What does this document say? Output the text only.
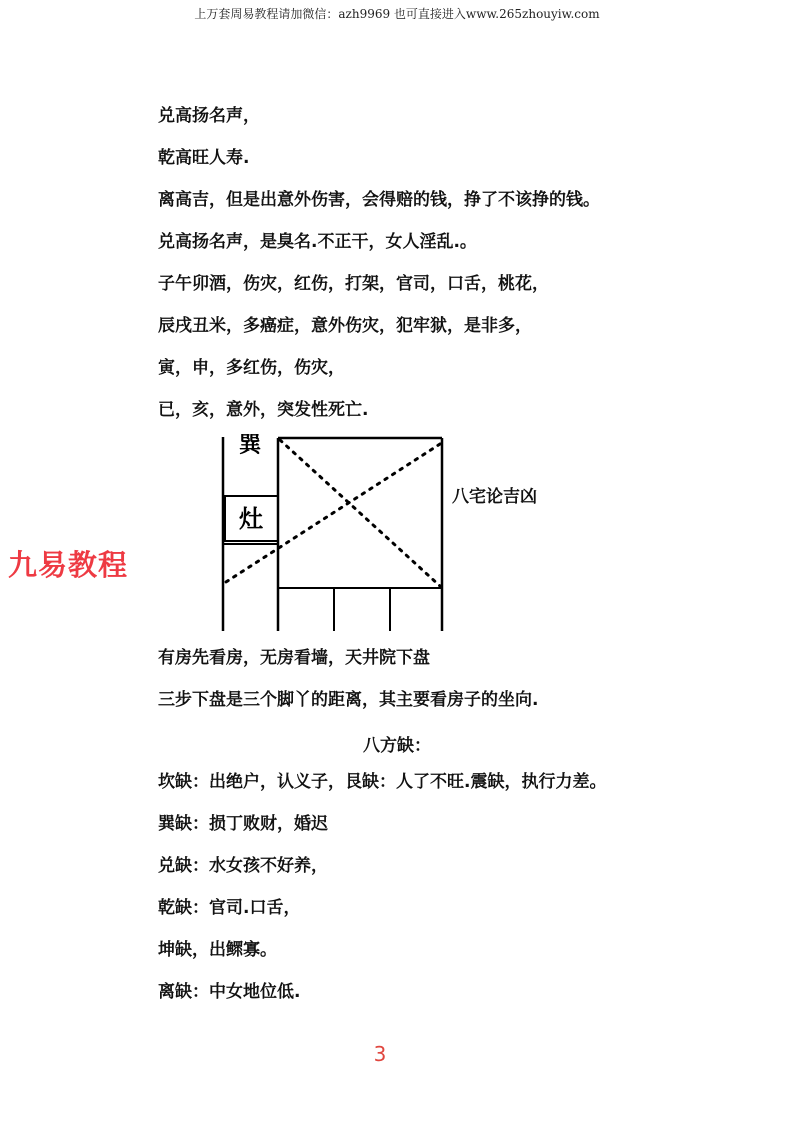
上万套周易教程请加微信：azh9969 也可直接进入www.265zhouyiw.com
兑高扬名声，
乾高旺人寿.
离高吉，但是出意外伤害，会得赔的钱，挣了不该挣的钱。
兑高扬名声，是臭名.不正干，女人淫乱.。
子午卯酒，伤灾，红伤，打架，官司，口舌，桃花，
辰戌丑米，多癌症，意外伤灾，犯牢狱，是非多，
寅，申，多红伤，伤灾，
已，亥，意外，突发性死亡.
九易教程
巽
灶
八宅论吉凶
有房先看房，无房看墙，天井院下盘
三步下盘是三个脚丫的距离，其主要看房子的坐向.
八方缺：
坎缺：出绝户，认义子，艮缺：人了不旺.震缺，执行力差。
巽缺：损丁败财，婚迟
兑缺：水女孩不好养，
乾缺：官司.口舌，
坤缺，出鳏寡。
离缺：中女地位低.
3
